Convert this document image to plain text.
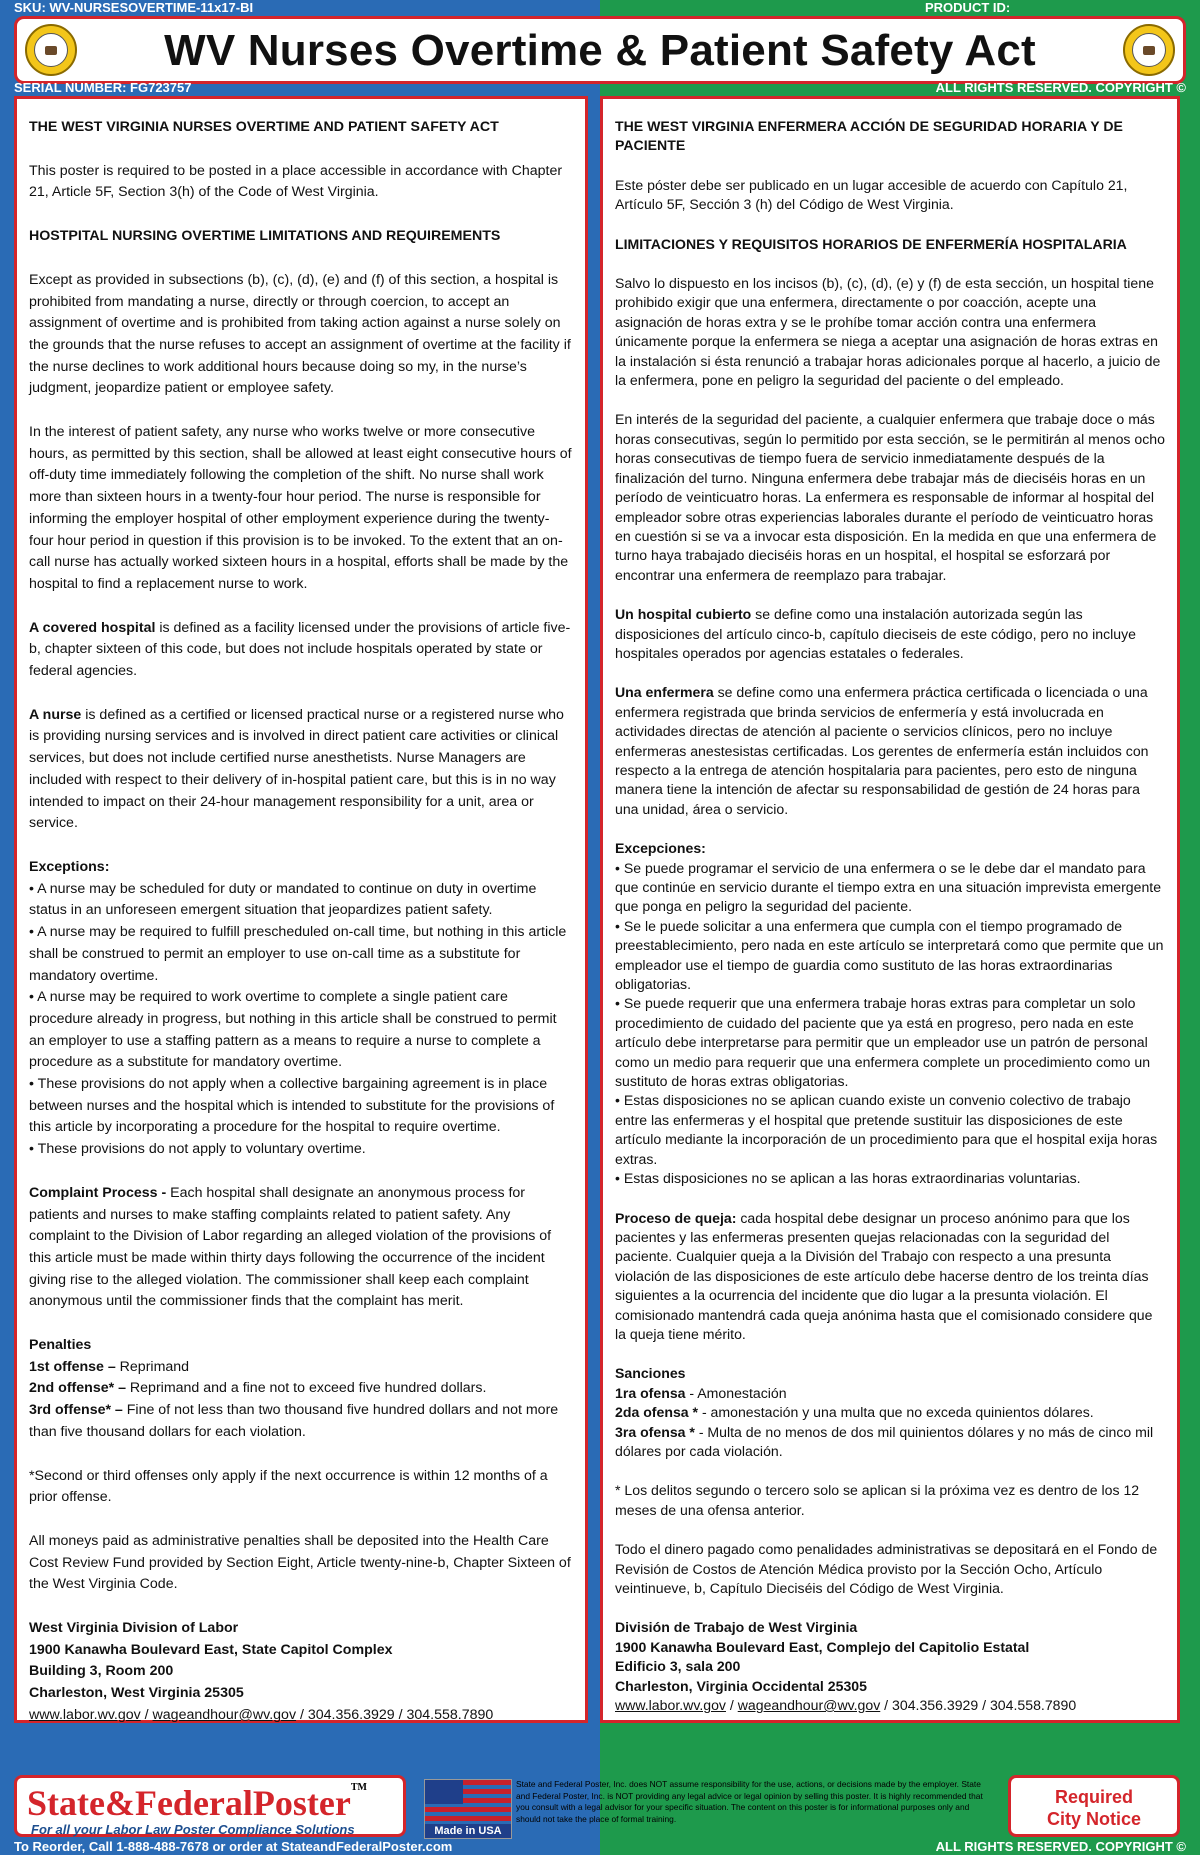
SKU: WV-NURSESOVERTIME-11x17-BI	PRODUCT ID:
WV Nurses Overtime & Patient Safety Act
SERIAL NUMBER: FG723757	ALL RIGHTS RESERVED. COPYRIGHT ©

THE WEST VIRGINIA NURSES OVERTIME AND PATIENT SAFETY ACT

This poster is required to be posted in a place accessible in accordance with Chapter 21, Article 5F, Section 3(h) of the Code of West Virginia.

HOSTPITAL NURSING OVERTIME LIMITATIONS AND REQUIREMENTS

Except as provided in subsections (b), (c), (d), (e) and (f) of this section, a hospital is prohibited from mandating a nurse, directly or through coercion, to accept an assignment of overtime and is prohibited from taking action against a nurse solely on the grounds that the nurse refuses to accept an assignment of overtime at the facility if the nurse declines to work additional hours because doing so my, in the nurse’s judgment, jeopardize patient or employee safety.

In the interest of patient safety, any nurse who works twelve or more consecutive hours, as permitted by this section, shall be allowed at least eight consecutive hours of off-duty time immediately following the completion of the shift. No nurse shall work more than sixteen hours in a twenty-four hour period. The nurse is responsible for informing the employer hospital of other employment experience during the twenty-four hour period in question if this provision is to be invoked. To the extent that an on-call nurse has actually worked sixteen hours in a hospital, efforts shall be made by the hospital to find a replacement nurse to work.

A covered hospital is defined as a facility licensed under the provisions of article five-b, chapter sixteen of this code, but does not include hospitals operated by state or federal agencies.

A nurse is defined as a certified or licensed practical nurse or a registered nurse who is providing nursing services and is involved in direct patient care activities or clinical services, but does not include certified nurse anesthetists. Nurse Managers are included with respect to their delivery of in-hospital patient care, but this is in no way intended to impact on their 24-hour management responsibility for a unit, area or service.

Exceptions:

• A nurse may be scheduled for duty or mandated to continue on duty in overtime status in an unforeseen emergent situation that jeopardizes patient safety.
• A nurse may be required to fulfill prescheduled on-call time, but nothing in this article shall be construed to permit an employer to use on-call time as a substitute for mandatory overtime.
• A nurse may be required to work overtime to complete a single patient care procedure already in progress, but nothing in this article shall be construed to permit an employer to use a staffing pattern as a means to require a nurse to complete a procedure as a substitute for mandatory overtime.
• These provisions do not apply when a collective bargaining agreement is in place between nurses and the hospital which is intended to substitute for the provisions of this article by incorporating a procedure for the hospital to require overtime.

• These provisions do not apply to voluntary overtime.

Complaint Process - Each hospital shall designate an anonymous process for patients and nurses to make staffing complaints related to patient safety. Any complaint to the Division of Labor regarding an alleged violation of the provisions of this article must be made within thirty days following the occurrence of the incident giving rise to the alleged violation. The commissioner shall keep each complaint anonymous until the commissioner finds that the complaint has merit.

Penalties
1st offense – Reprimand
2nd offense* – Reprimand and a fine not to exceed five hundred dollars.

3rd offense* – Fine of not less than two thousand five hundred dollars and not more than five thousand dollars for each violation.

*Second or third offenses only apply if the next occurrence is within 12 months of a prior offense.

All moneys paid as administrative penalties shall be deposited into the Health Care Cost Review Fund provided by Section Eight, Article twenty-nine-b, Chapter Sixteen of the West Virginia Code.

West Virginia Division of Labor
1900 Kanawha Boulevard East, State Capitol Complex
Building 3, Room 200
Charleston, West Virginia 25305
www.labor.wv.gov / wageandhour@wv.gov / 304.356.3929 / 304.558.7890

THE WEST VIRGINIA ENFERMERA ACCIÓN DE SEGURIDAD HORARIA Y DE PACIENTE

Este póster debe ser publicado en un lugar accesible de acuerdo con Capítulo 21, Artículo 5F, Sección 3 (h) del Código de West Virginia.

LIMITACIONES Y REQUISITOS HORARIOS DE ENFERMERÍA HOSPITALARIA

Salvo lo dispuesto en los incisos (b), (c), (d), (e) y (f) de esta sección, un hospital tiene prohibido exigir que una enfermera, directamente o por coacción, acepte una asignación de horas extra y se le prohíbe tomar acción contra una enfermera únicamente porque la enfermera se niega a aceptar una asignación de horas extras en la instalación si ésta renunció a trabajar horas adicionales porque al hacerlo, a juicio de la enfermera, pone en peligro la seguridad del paciente o del empleado.

En interés de la seguridad del paciente, a cualquier enfermera que trabaje doce o más horas consecutivas, según lo permitido por esta sección, se le permitirán al menos ocho horas consecutivas de tiempo fuera de servicio inmediatamente después de la finalización del turno. Ninguna enfermera debe trabajar más de dieciséis horas en un período de veinticuatro horas. La enfermera es responsable de informar al hospital del empleador sobre otras experiencias laborales durante el período de veinticuatro horas en cuestión si se va a invocar esta disposición. En la medida en que una enfermera de turno haya trabajado dieciséis horas en un hospital, el hospital se esforzará por encontrar una enfermera de reemplazo para trabajar.

Un hospital cubierto se define como una instalación autorizada según las disposiciones del artículo cinco-b, capítulo dieciseis de este código, pero no incluye hospitales operados por agencias estatales o federales.

Una enfermera se define como una enfermera práctica certificada o licenciada o una enfermera registrada que brinda servicios de enfermería y está involucrada en actividades directas de atención al paciente o servicios clínicos, pero no incluye enfermeras anestesistas certificadas. Los gerentes de enfermería están incluidos con respecto a la entrega de atención hospitalaria para pacientes, pero esto de ninguna manera tiene la intención de afectar su responsabilidad de gestión de 24 horas para una unidad, área o servicio.

Excepciones:

• Se puede programar el servicio de una enfermera o se le debe dar el mandato para que continúe en servicio durante el tiempo extra en una situación imprevista emergente que ponga en peligro la seguridad del paciente.
• Se le puede solicitar a una enfermera que cumpla con el tiempo programado de preestablecimiento, pero nada en este artículo se interpretará como que permite que un empleador use el tiempo de guardia como sustituto de las horas extraordinarias obligatorias.
• Se puede requerir que una enfermera trabaje horas extras para completar un solo procedimiento de cuidado del paciente que ya está en progreso, pero nada en este artículo debe interpretarse para permitir que un empleador use un patrón de personal como un medio para requerir que una enfermera complete un procedimiento como un sustituto de horas extras obligatorias.
• Estas disposiciones no se aplican cuando existe un convenio colectivo de trabajo entre las enfermeras y el hospital que pretende sustituir las disposiciones de este artículo mediante la incorporación de un procedimiento para que el hospital exija horas extras.

• Estas disposiciones no se aplican a las horas extraordinarias voluntarias.

Proceso de queja: cada hospital debe designar un proceso anónimo para que los pacientes y las enfermeras presenten quejas relacionadas con la seguridad del paciente. Cualquier queja a la División del Trabajo con respecto a una presunta violación de las disposiciones de este artículo debe hacerse dentro de los treinta días siguientes a la ocurrencia del incidente que dio lugar a la presunta violación. El comisionado mantendrá cada queja anónima hasta que el comisionado considere que la queja tiene mérito.

Sanciones
1ra ofensa - Amonestación
2da ofensa * - amonestación y una multa que no exceda quinientos dólares.

3ra ofensa * - Multa de no menos de dos mil quinientos dólares y no más de cinco mil dólares por cada violación.

* Los delitos segundo o tercero solo se aplican si la próxima vez es dentro de los 12 meses de una ofensa anterior.

Todo el dinero pagado como penalidades administrativas se depositará en el Fondo de Revisión de Costos de Atención Médica provisto por la Sección Ocho, Artículo veintinueve, b, Capítulo Dieciséis del Código de West Virginia.

División de Trabajo de West Virginia
1900 Kanawha Boulevard East, Complejo del Capitolio Estatal
Edificio 3, sala 200
Charleston, Virginia Occidental 25305
www.labor.wv.gov / wageandhour@wv.gov / 304.356.3929 / 304.558.7890
State&FederalPoster™
For all your Labor Law Poster Compliance Solutions	Made in USA
State and Federal Poster, Inc. does NOT assume responsibility for the use, actions, or decisions made by the employer. State and Federal Poster, Inc. is NOT providing any legal advice or legal opinion by selling this poster. It is highly recommended that you consult with a legal advisor for your specific situation. The content on this poster is for informational purposes only and should not take the place of formal training.
Required
City Notice
To Reorder, Call 1-888-488-7678 or order at StateandFederalPoster.com	ALL RIGHTS RESERVED. COPYRIGHT ©
